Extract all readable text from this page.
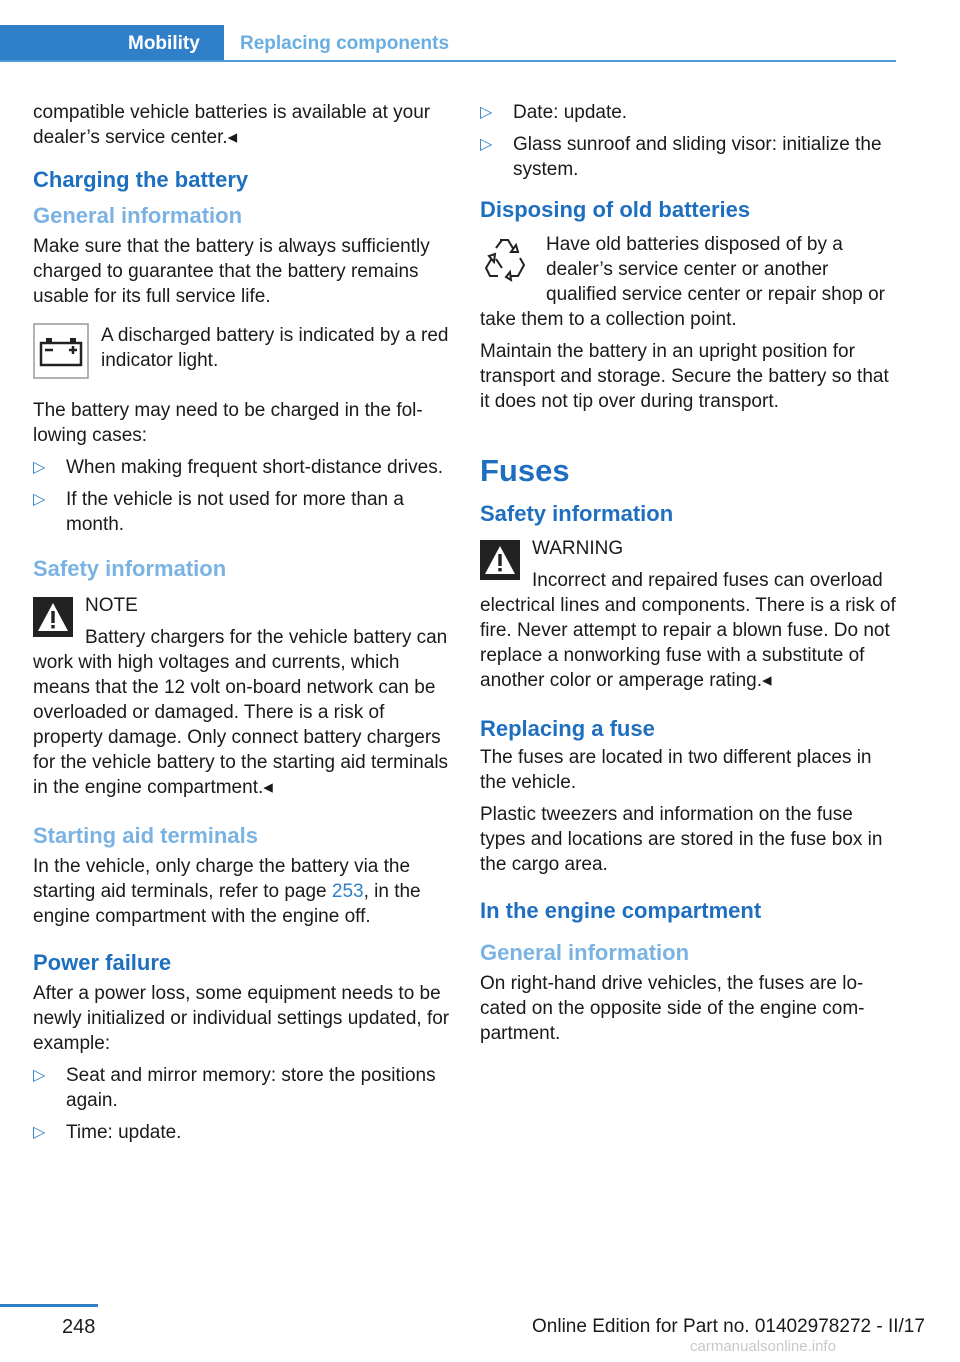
Mobility	Replacing components

compatible vehicle batteries is available at your dealer’s service center.◂

Charging the battery
General information

Make sure that the battery is always sufficiently charged to guarantee that the battery remains usable for its full service life.

A discharged battery is indicated by a red indicator light.

The battery may need to be charged in the following cases:

▷ When making frequent short-distance drives.
▷ If the vehicle is not used for more than a month.
Safety information

NOTE

Battery chargers for the vehicle battery can work with high voltages and currents, which means that the 12 volt on-board network can be overloaded or damaged. There is a risk of property damage. Only connect battery chargers for the vehicle battery to the starting aid terminals in the engine compartment.◂

Starting aid terminals

In the vehicle, only charge the battery via the starting aid terminals, refer to page 253, in the engine compartment with the engine off.

Power failure

After a power loss, some equipment needs to be newly initialized or individual settings updated, for example:

▷ Seat and mirror memory: store the positions again.
▷ Time: update.
▷ Date: update.
▷ Glass sunroof and sliding visor: initialize the system.
Disposing of old batteries

Have old batteries disposed of by a dealer’s service center or another qualified service center or repair shop or take them to a collection point.

Maintain the battery in an upright position for transport and storage. Secure the battery so that it does not tip over during transport.

Fuses
Safety information

WARNING

Incorrect and repaired fuses can overload electrical lines and components. There is a risk of fire. Never attempt to repair a blown fuse. Do not replace a nonworking fuse with a substitute of another color or amperage rating.◂

Replacing a fuse

The fuses are located in two different places in the vehicle.

Plastic tweezers and information on the fuse types and locations are stored in the fuse box in the cargo area.

In the engine compartment
General information

On right-hand drive vehicles, the fuses are located on the opposite side of the engine compartment.

248	Online Edition for Part no. 01402978272 - II/17
carmanualsonline.info
